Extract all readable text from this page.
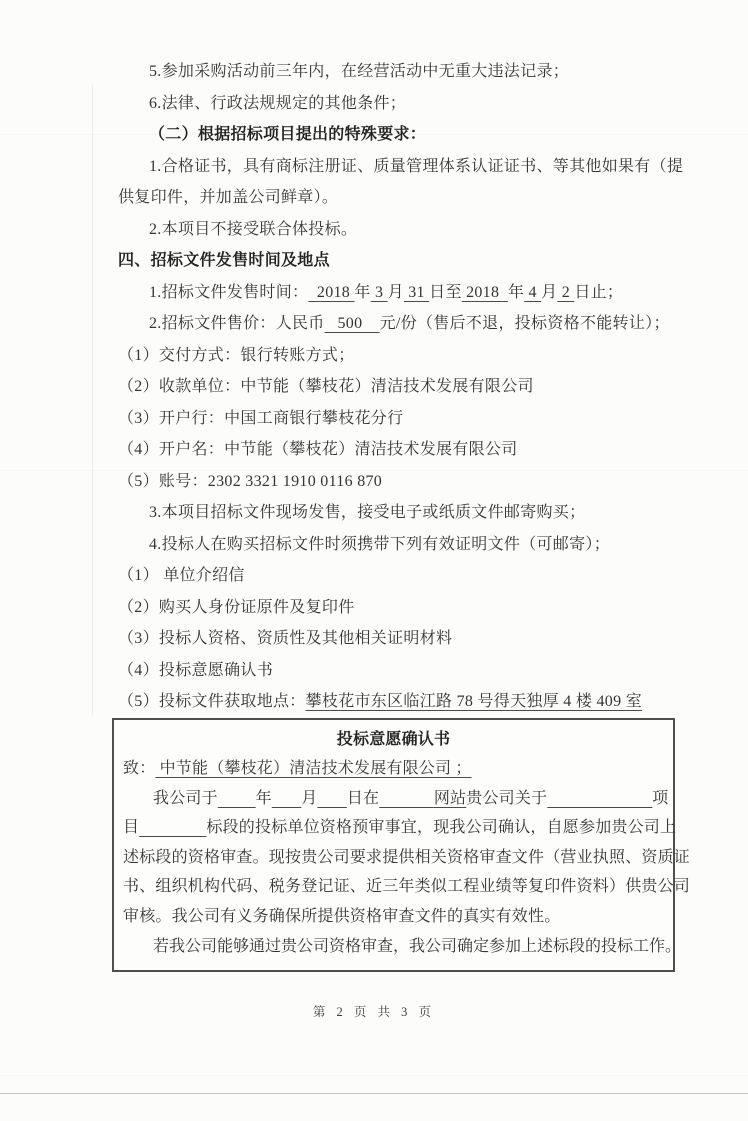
5.参加采购活动前三年内，在经营活动中无重大违法记录；
6.法律、行政法规规定的其他条件；
（二）根据招标项目提出的特殊要求：
1.合格证书，具有商标注册证、质量管理体系认证证书、等其他如果有（提
供复印件，并加盖公司鲜章）。
2.本项目不接受联合体投标。
四、招标文件发售时间及地点
1.招标文件发售时间：  2018 年 3 月 31 日至 2018  年 4 月 2 日止；
2.招标文件售价：人民币   500    元/份（售后不退，投标资格不能转让）；
（1）交付方式：银行转账方式；
（2）收款单位：中节能（攀枝花）清洁技术发展有限公司
（3）开户行：中国工商银行攀枝花分行
（4）开户名：中节能（攀枝花）清洁技术发展有限公司
（5）账号：2302 3321 1910 0116 870
3.本项目招标文件现场发售，接受电子或纸质文件邮寄购买；
4.投标人在购买招标文件时须携带下列有效证明文件（可邮寄）；
（1） 单位介绍信
（2）购买人身份证原件及复印件
（3）投标人资格、资质性及其他相关证明材料
（4）投标意愿确认书
（5）投标文件获取地点：攀枝花市东区临江路 78 号得天独厚 4 楼 409 室
投标意愿确认书
致： 中节能（攀枝花）清洁技术发展有限公司 ；
我公司于 年 月 日在	网站贵公司关于	项
目	标段的投标单位资格预审事宜，现我公司确认，自愿参加贵公司上
述标段的资格审查。现按贵公司要求提供相关资格审查文件（营业执照、资质证
书、组织机构代码、税务登记证、近三年类似工程业绩等复印件资料）供贵公司
审核。我公司有义务确保所提供资格审查文件的真实有效性。
若我公司能够通过贵公司资格审查，我公司确定参加上述标段的投标工作。
第 2 页 共 3 页
